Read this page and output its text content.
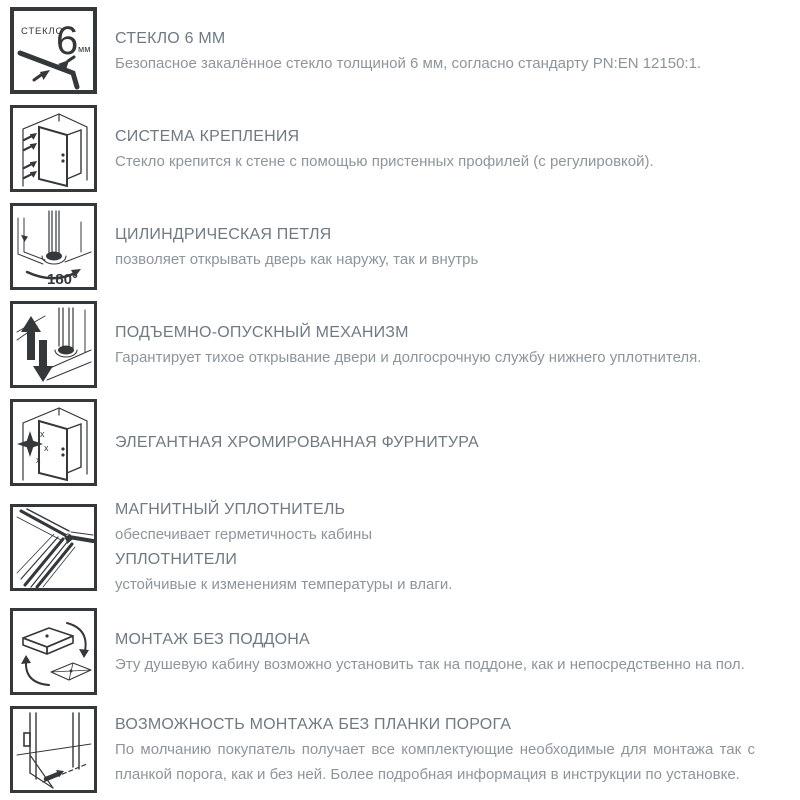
СТЕКЛО
6 мм
СТЕКЛО 6 ММ

Безопасное закалённое стекло толщиной 6 мм, согласно стандарту PN:EN 12150:1.

СИСТЕМА КРЕПЛЕНИЯ

Стекло крепится к стене с помощью пристенных профилей (с регулировкой).

180°
ЦИЛИНДРИЧЕСКАЯ ПЕТЛЯ

позволяет открывать дверь как наружу, так и внутрь

ПОДЪЕМНО-ОПУСКНЫЙ МЕХАНИЗМ

Гарантирует тихое открывание двери и долгосрочную службу нижнего уплотнителя.

x
x
x
ЭЛЕГАНТНАЯ ХРОМИРОВАННАЯ ФУРНИТУРА
МАГНИТНЫЙ УПЛОТНИТЕЛЬ

обеспечивает герметичность кабины

УПЛОТНИТЕЛИ

устойчивые к изменениям температуры и влаги.

МОНТАЖ БЕЗ ПОДДОНА

Эту душевую кабину возможно установить так на поддоне, как и непосредственно на пол.

ВОЗМОЖНОСТЬ МОНТАЖА БЕЗ ПЛАНКИ ПОРОГА

По молчанию покупатель получает все комплектующие необходимые для монтажа так с планкой порога, как и без ней. Более подробная информация в инструкции по установке.
